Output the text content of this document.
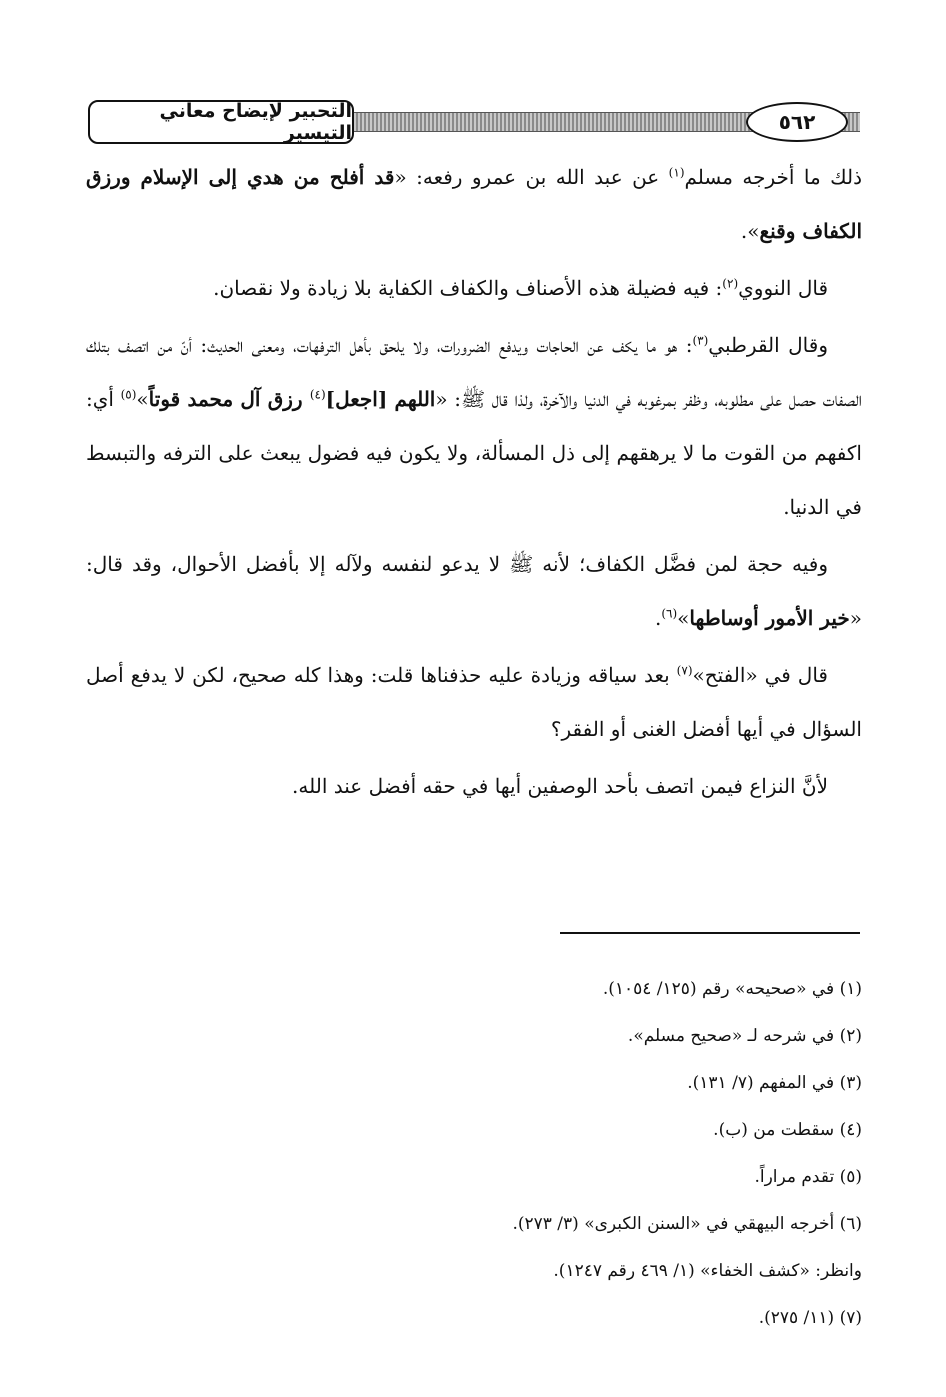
التحبير لإيضاح معاني التيسير	٥٦٢

ذلك ما أخرجه مسلم$^{(١)}$ عن عبد الله بن عمرو رفعه: «قد أفلح من هدي إلى الإسلام ورزق الكفاف وقنع».

قال النووي$^{(٢)}$: فيه فضيلة هذه الأصناف والكفاف الكفاية بلا زيادة ولا نقصان.

وقال القرطبي$^{(٣)}$: هو ما يكف عن الحاجات ويدفع الضرورات، ولا يلحق بأهل الترفهات، ومعنى الحديث: أنّ من اتصف بتلك الصفات حصل على مطلوبه، وظفر بمرغوبه في الدنيا والآخرة، ولذا قال ﷺ: «اللهم [اجعل]$^{(٤)}$ رزق آل محمد قوتاً»$^{(٥)}$ أي: اكفهم من القوت ما لا يرهقهم إلى ذل المسألة، ولا يكون فيه فضول يبعث على الترفه والتبسط في الدنيا.

وفيه حجة لمن فضَّل الكفاف؛ لأنه ﷺ لا يدعو لنفسه ولآله إلا بأفضل الأحوال، وقد قال: «خير الأمور أوساطها»$^{(٦)}$.

قال في «الفتح»$^{(٧)}$ بعد سياقه وزيادة عليه حذفناها قلت: وهذا كله صحيح، لكن لا يدفع أصل السؤال في أيها أفضل الغنى أو الفقر؟

لأنَّ النزاع فيمن اتصف بأحد الوصفين أيها في حقه أفضل عند الله.

(١) في «صحيحه» رقم (١٢٥/ ١٠٥٤).
(٢) في شرحه لـ «صحيح مسلم».
(٣) في المفهم (٧/ ١٣١).
(٤) سقطت من (ب).
(٥) تقدم مراراً.
(٦) أخرجه البيهقي في «السنن الكبرى» (٣/ ٢٧٣).
وانظر: «كشف الخفاء» (١/ ٤٦٩ رقم ١٢٤٧).
(٧) (١١/ ٢٧٥).
